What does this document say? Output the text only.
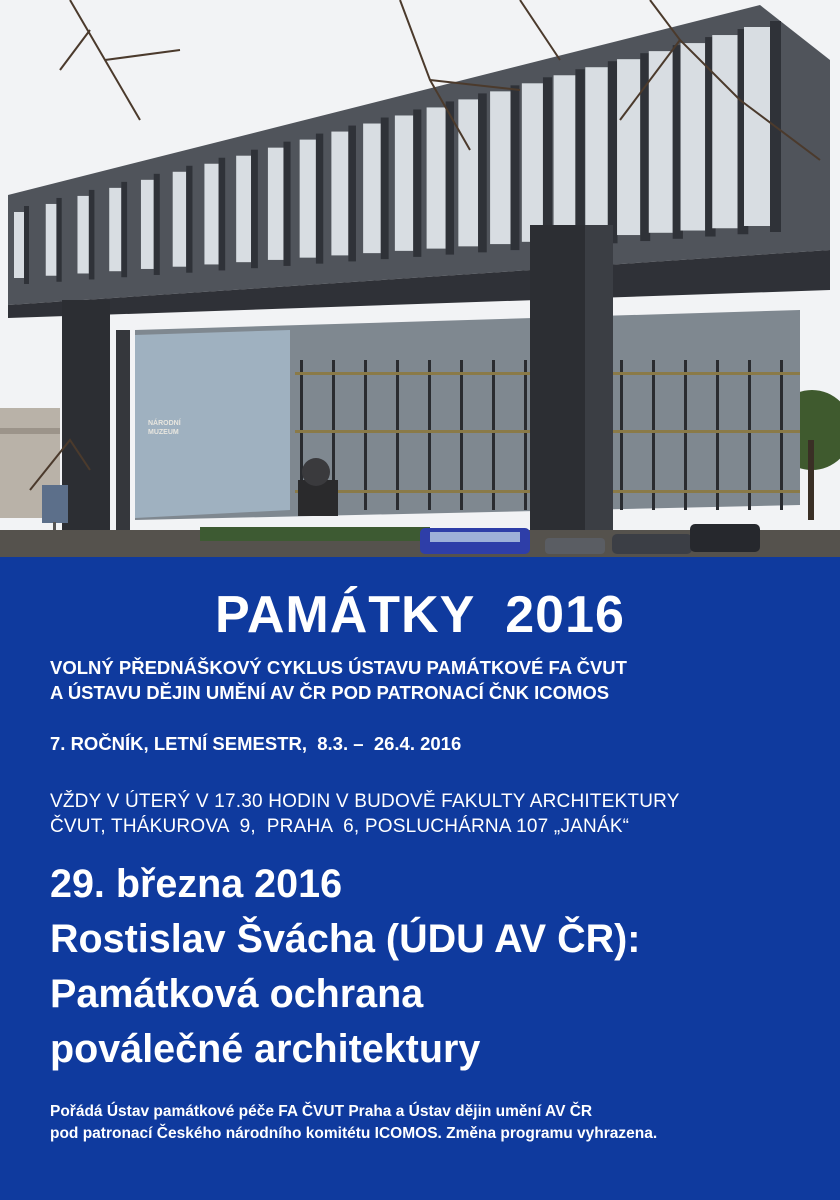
NÁRODNÍ
MUZEUM
PAMÁTKY  2016
VOLNÝ PŘEDNÁŠKOVÝ CYKLUS ÚSTAVU PAMÁTKOVÉ FA ČVUT
A ÚSTAVU DĚJIN UMĚNÍ AV ČR POD PATRONACÍ ČNK ICOMOS
7. ROČNÍK, LETNÍ SEMESTR,  8.3. –  26.4. 2016
VŽDY V ÚTERÝ V 17.30 HODIN V BUDOVĚ FAKULTY ARCHITEKTURY
ČVUT, THÁKUROVA  9,  PRAHA  6, POSLUCHÁRNA 107 „JANÁK“
29. března 2016
Rostislav Švácha (ÚDU AV ČR):
Památková ochrana
poválečné architektury
Pořádá Ústav památkové péče FA ČVUT Praha a Ústav dějin umění AV ČR
pod patronací Českého národního komitétu ICOMOS. Změna programu vyhrazena.
